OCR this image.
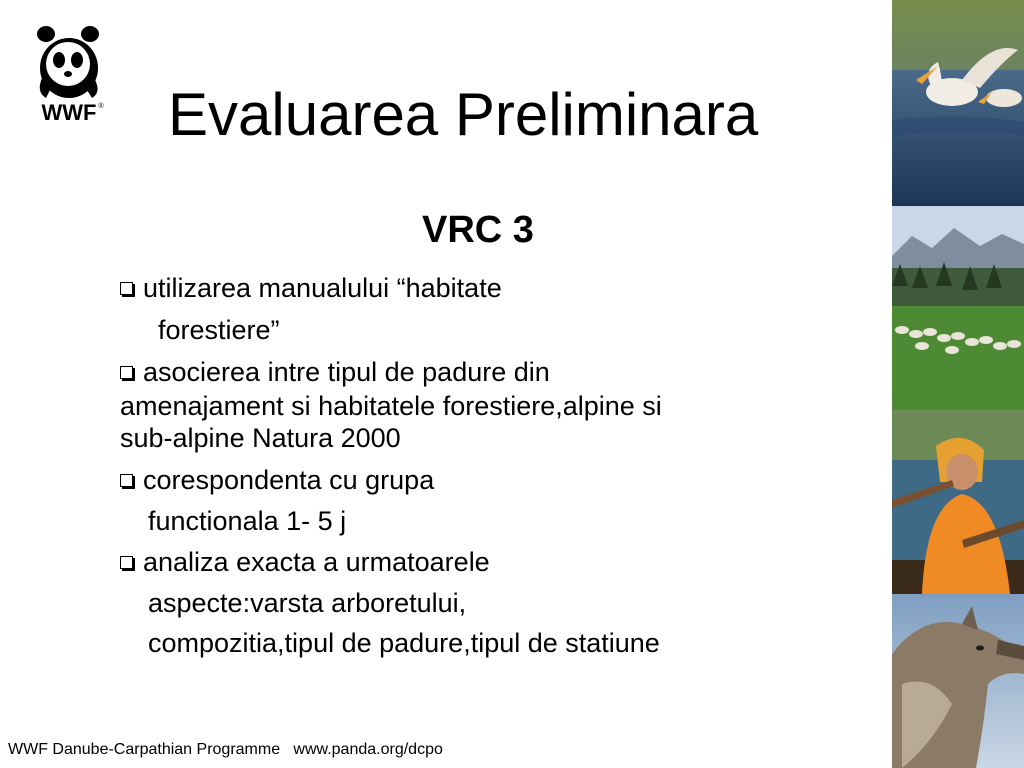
WWF ® Evaluarea Preliminara
VRC 3
utilizarea manualului “habitate
forestiere”
asocierea intre tipul de padure din
amenajament si habitatele forestiere,alpine si
sub-alpine Natura 2000
corespondenta cu grupa
functionala 1- 5 j
analiza exacta a urmatoarele
aspecte:varsta arboretului,
compozitia,tipul de padure,tipul de statiune
WWF Danube-Carpathian Programme   www.panda.org/dcpo
